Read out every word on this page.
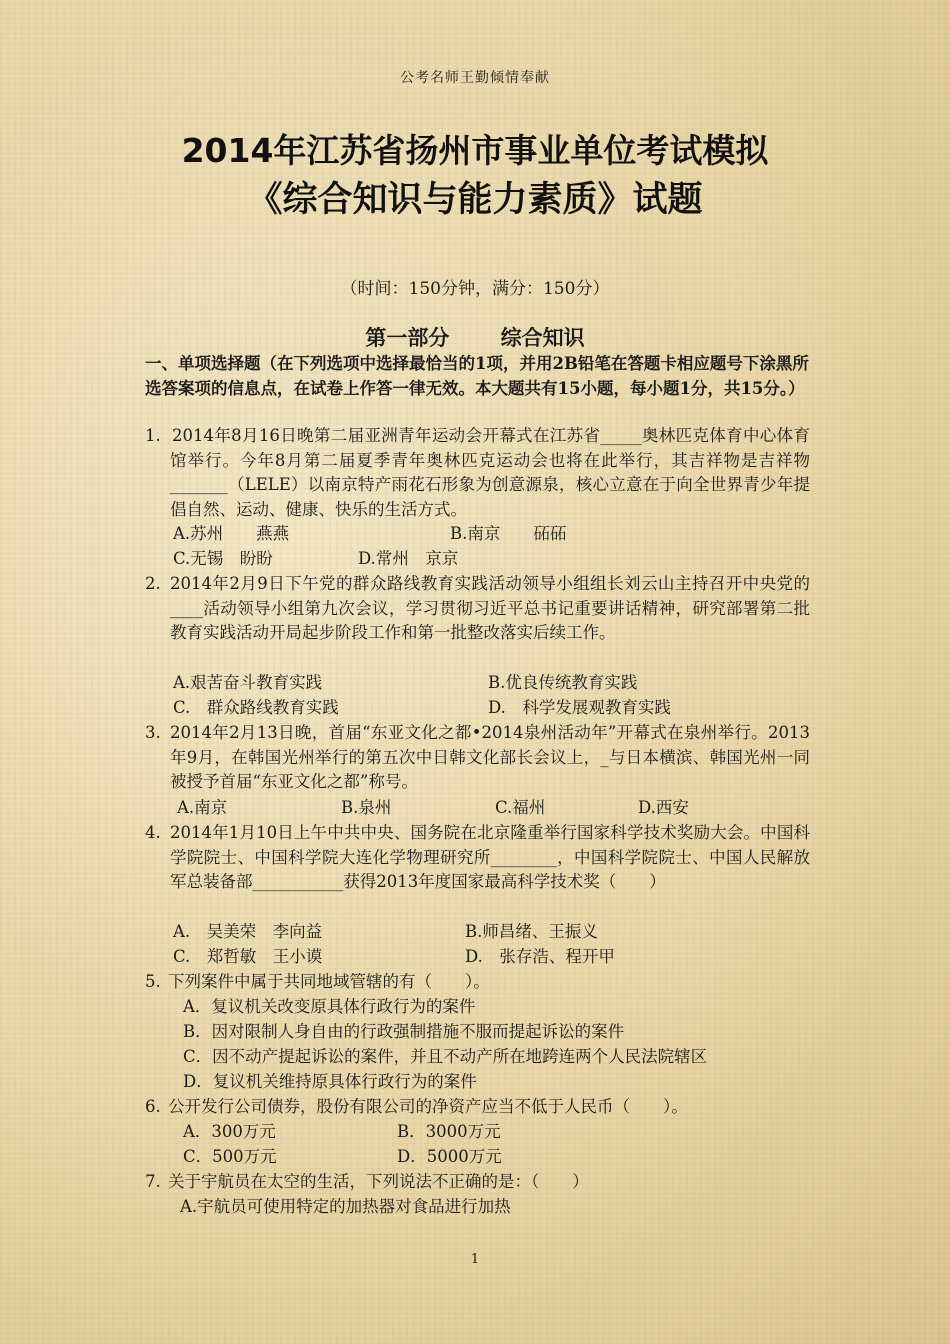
公考名师王勤倾情奉献
2014年江苏省扬州市事业单位考试模拟
《综合知识与能力素质》试题
（时间：150分钟，满分：150分）
第一部分 综合知识
一、单项选择题（在下列选项中选择最恰当的1项，并用2B铅笔在答题卡相应题号下涂黑所选答案项的信息点，在试卷上作答一律无效。本大题共有15小题，每小题1分，共15分。）
1. 2014年8月16日晚第二届亚洲青年运动会开幕式在江苏省_____奥林匹克体育中心体育馆举行。今年8月第二届夏季青年奥林匹克运动会也将在此举行，其吉祥物是吉祥物_______（LELE）以南京特产雨花石形象为创意源泉，核心立意在于向全世界青少年提倡自然、运动、健康、快乐的生活方式。
A.苏州　　燕燕	B.南京　　砳砳
C.无锡　盼盼	D.常州　京京
2. 2014年2月9日下午党的群众路线教育实践活动领导小组组长刘云山主持召开中央党的____活动领导小组第九次会议，学习贯彻习近平总书记重要讲话精神，研究部署第二批教育实践活动开局起步阶段工作和第一批整改落实后续工作。
A.艰苦奋斗教育实践	B.优良传统教育实践
C.　群众路线教育实践	D.　科学发展观教育实践
3. 2014年2月13日晚，首届“东亚文化之都•2014泉州活动年”开幕式在泉州举行。2013年9月，在韩国光州举行的第五次中日韩文化部长会议上，_与日本横滨、韩国光州一同被授予首届“东亚文化之都”称号。
A.南京	B.泉州	C.福州	D.西安
4. 2014年1月10日上午中共中央、国务院在北京隆重举行国家科学技术奖励大会。中国科学院院士、中国科学院大连化学物理研究所________，中国科学院院士、中国人民解放军总装备部___________获得2013年度国家最高科学技术奖（　　）
A.　吴美荣　李向益	B.师昌绪、王振义
C.　郑哲敏　王小谟	D.　张存浩、程开甲
5. 下列案件中属于共同地域管辖的有（　　）。
A．复议机关改变原具体行政行为的案件
B．因对限制人身自由的行政强制措施不服而提起诉讼的案件
C．因不动产提起诉讼的案件，并且不动产所在地跨连两个人民法院辖区
D．复议机关维持原具体行政行为的案件
6. 公开发行公司债券，股份有限公司的净资产应当不低于人民币（　　）。
A．300万元	B．3000万元
C．500万元	D．5000万元
7. 关于宇航员在太空的生活，下列说法不正确的是：（　　）
A.宇航员可使用特定的加热器对食品进行加热
1
